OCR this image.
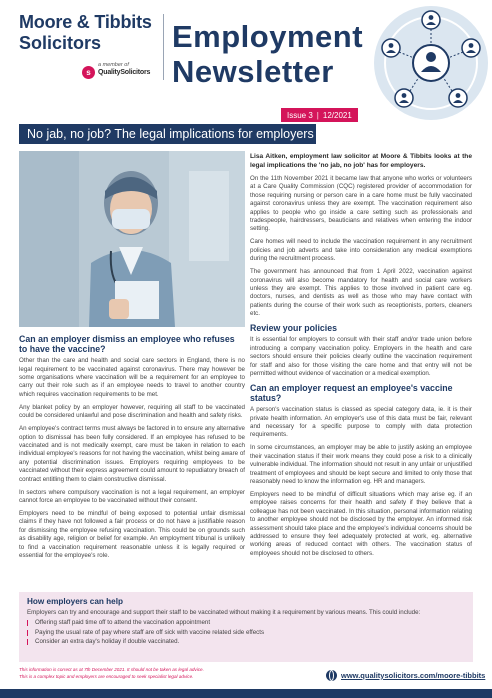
Moore & Tibbits
Solicitors
a member of
s	QualitySolicitors
Employment
Newsletter
Issue 3 | 12/2021
No jab, no job? The legal implications for employers
Can an employer dismiss an employee who refuses to have the vaccine?

Other than the care and health and social care sectors in England, there is no legal requirement to be vaccinated against coronavirus. There may however be some organisations where vaccination will be a requirement for an employee to carry out their role such as if an employee needs to travel to another country which requires vaccination requirements to be met.

Any blanket policy by an employer however, requiring all staff to be vaccinated could be considered unlawful and pose discrimination and health and safety risks.

An employee's contract terms must always be factored in to ensure any alternative option to dismissal has been fully considered. If an employee has refused to be vaccinated and is not medically exempt, care must be taken in relation to each individual employee's reasons for not having the vaccination, whilst being aware of any potential discrimination issues. Employers requiring employees to be vaccinated without their express agreement could amount to repudiatory breach of contract entitling them to claim constructive dismissal.

In sectors where compulsory vaccination is not a legal requirement, an employer cannot force an employee to be vaccinated without their consent.

Employers need to be mindful of being exposed to potential unfair dismissal claims if they have not followed a fair process or do not have a justifiable reason for dismissing the employee refusing vaccination. This could be on grounds such as disability age, religion or belief for example. An employment tribunal is unlikely to find a vaccination requirement reasonable unless it is legally required or essential for the employee's role.

Lisa Aitken, employment law solicitor at Moore & Tibbits looks at the legal implications the 'no jab, no job' has for employers.

On the 11th November 2021 it became law that anyone who works or volunteers at a Care Quality Commission (CQC) registered provider of accommodation for those requiring nursing or person care in a care home must be fully vaccinated against coronavirus unless they are exempt. The vaccination requirement also applies to people who go inside a care setting such as professionals and tradespeople, hairdressers, beauticians and relatives when entering the indoor setting.

Care homes will need to include the vaccination requirement in any recruitment policies and job adverts and take into consideration any medical exemptions during the recruitment process.

The government has announced that from 1 April 2022, vaccination against coronavirus will also become mandatory for health and social care workers unless they are exempt. This applies to those involved in patient care eg. doctors, nurses, and dentists as well as those who may have contact with patients during the course of their work such as receptionists, porters, cleaners etc.

Review your policies

It is essential for employers to consult with their staff and/or trade union before introducing a company vaccination policy. Employers in the health and care sectors should ensure their policies clearly outline the vaccination requirement for staff and also for those visiting the care home and that entry will not be permitted without evidence of vaccination or a medical exemption.

Can an employer request an employee's vaccine status?

A person's vaccination status is classed as special category data, ie. it is their private health information. An employer's use of this data must be fair, relevant and necessary for a specific purpose to comply with data protection requirements.

In some circumstances, an employer may be able to justify asking an employee their vaccination status if their work means they could pose a risk to a clinically vulnerable individual. The information should not result in any unfair or unjustified treatment of employees and should be kept secure and limited to only those that reasonably need to know the information eg. HR and managers.

Employers need to be mindful of difficult situations which may arise eg. if an employee raises concerns for their health and safety if they believe that a colleague has not been vaccinated. In this situation, personal information relating to another employee should not be disclosed by the employer. An informed risk assessment should take place and the employee's individual concerns should be addressed to ensure they feel adequately protected at work, eg. alternative working areas of reduced contact with others. The vaccination status of employees should not be disclosed to others.

How employers can help
Employers can try and encourage and support their staff to be vaccinated without making it a requirement by various means. This could include:
Offering staff paid time off to attend the vaccination appointment
Paying the usual rate of pay where staff are off sick with vaccine related side effects
Consider an extra day's holiday if double vaccinated.
This information is correct as at 7th December 2021. It should not be taken as legal advice.
This is a complex topic and employers are encouraged to seek specialist legal advice.	www.qualitysolicitors.com/moore-tibbits
